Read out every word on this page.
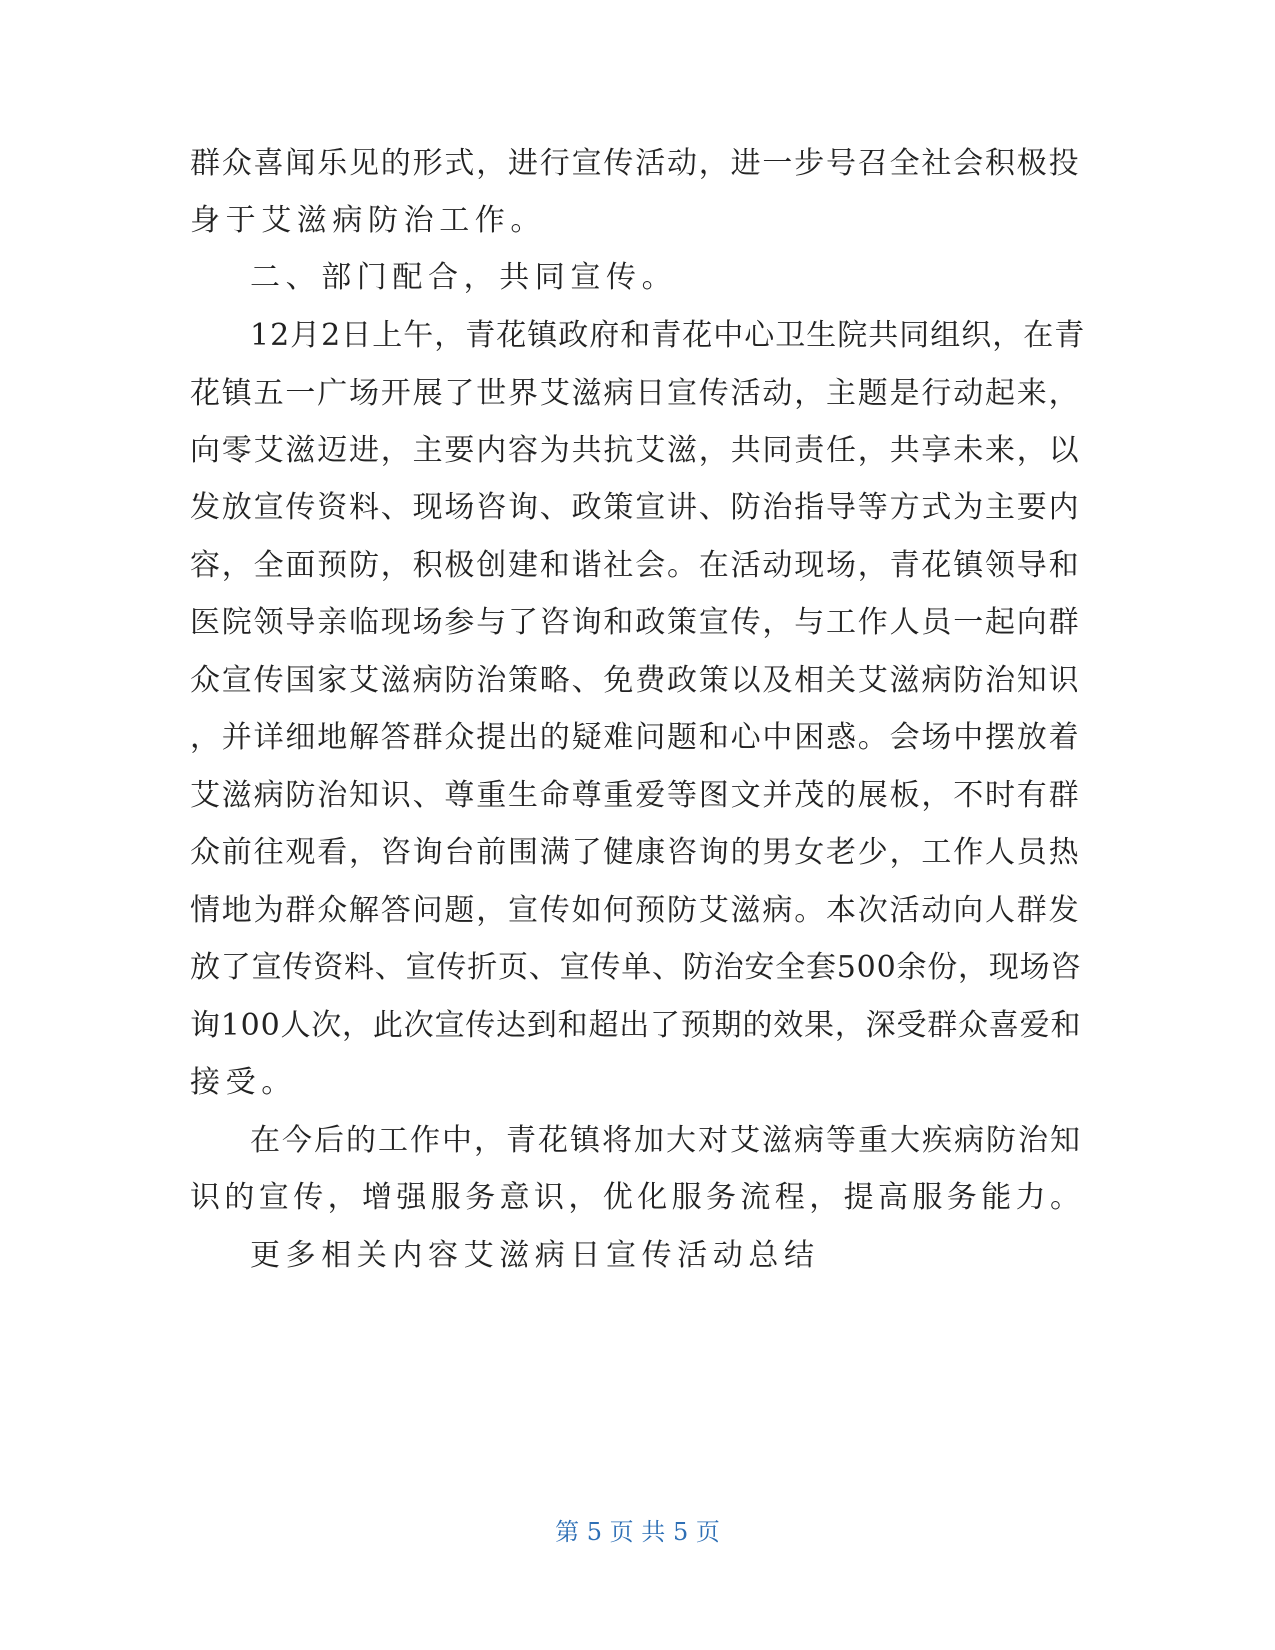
群众喜闻乐见的形式，进行宣传活动，进一步号召全社会积极投
身于艾滋病防治工作。
二、部门配合，共同宣传。
12月2日上午，青花镇政府和青花中心卫生院共同组织，在青
花镇五一广场开展了世界艾滋病日宣传活动，主题是行动起来，
向零艾滋迈进，主要内容为共抗艾滋，共同责任，共享未来，以
发放宣传资料、现场咨询、政策宣讲、防治指导等方式为主要内
容，全面预防，积极创建和谐社会。在活动现场，青花镇领导和
医院领导亲临现场参与了咨询和政策宣传，与工作人员一起向群
众宣传国家艾滋病防治策略、免费政策以及相关艾滋病防治知识
，并详细地解答群众提出的疑难问题和心中困惑。会场中摆放着
艾滋病防治知识、尊重生命尊重爱等图文并茂的展板，不时有群
众前往观看，咨询台前围满了健康咨询的男女老少，工作人员热
情地为群众解答问题，宣传如何预防艾滋病。本次活动向人群发
放了宣传资料、宣传折页、宣传单、防治安全套500余份，现场咨
询100人次，此次宣传达到和超出了预期的效果，深受群众喜爱和
接受。
在今后的工作中，青花镇将加大对艾滋病等重大疾病防治知
识的宣传，增强服务意识，优化服务流程，提高服务能力。
更多相关内容艾滋病日宣传活动总结
第 5 页 共 5 页
